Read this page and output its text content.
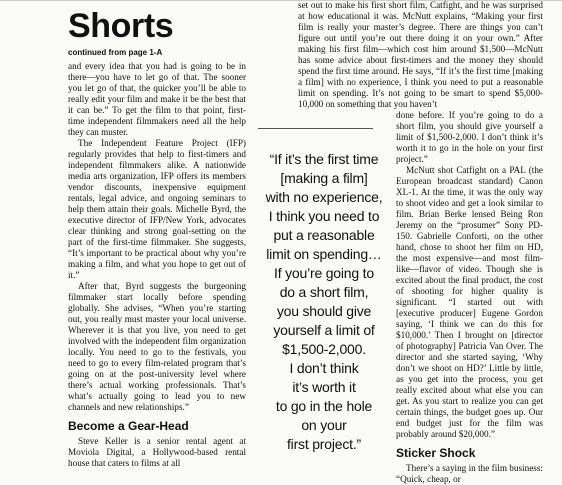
Shorts
continued from page 1-A

and every idea that you had is going to be in there—you have to let go of that. The sooner you let go of that, the quicker you’ll be able to really edit your film and make it be the best that it can be.” To get the film to that point, first-time independent filmmakers need all the help they can muster.

The Independent Feature Project (IFP) regularly provides that help to first-timers and independent filmmakers alike. A nationwide media arts organization, IFP offers its members vendor discounts, inexpensive equipment rentals, legal advice, and ongoing seminars to help them attain their goals. Michelle Byrd, the executive director of IFP/New York, advocates clear thinking and strong goal-setting on the part of the first-time filmmaker. She suggests, “It’s important to be practical about why you’re making a film, and what you hope to get out of it.”

After that, Byrd suggests the burgeoning filmmaker start locally before spending globally. She advises, “When you’re starting out, you really must master your local universe. Wherever it is that you live, you need to get involved with the independent film organization locally. You need to go to the festivals, you need to go to every film-related program that’s going on at the post-university level where there’s actual working professionals. That’s what’s actually going to lead you to new channels and new relationships.”

Become a Gear-Head

Steve Keller is a senior rental agent at Moviola Digital, a Hollywood-based rental house that caters to films at all

“If it’s the first time
[making a film]
with no experience,
I think you need to
put a reasonable
limit on spending…
If you’re going to
do a short film,
you should give
yourself a limit of
$1,500-2,000.
I don’t think
it’s worth it
to go in the hole
on your
first project.”

set out to make his first short film, Catfight, and he was surprised at how educational it was. McNutt explains, “Making your first film is really your master’s degree. There are things you can’t figure out until you’re out there doing it on your own.” After making his first film—which cost him around $1,500—McNutt has some advice about first-timers and the money they should spend the first time around. He says, “If it’s the first time [making a film] with no experience, I think you need to put a reasonable limit on spending. It’s not going to be smart to spend $5,000-10,000 on something that you haven’t

done before. If you’re going to do a short film, you should give yourself a limit of $1,500-2,000. I don’t think it’s worth it to go in the hole on your first project.”

McNutt shot Catfight on a PAL (the European broadcast standard) Canon XL-1. At the time, it was the only way to shoot video and get a look similar to film. Brian Berke lensed Being Ron Jeremy on the “prosumer” Sony PD-150. Gabrielle Conforti, on the other hand, chose to shoot her film on HD, the most expensive—and most film-like—flavor of video. Though she is excited about the final product, the cost of shooting for higher quality is significant. “I started out with [executive producer] Eugene Gordon saying, ‘I think we can do this for $10,000.’ Then I brought on [director of photography] Patricia Van Over. The director and she started saying, ‘Why don’t we shoot on HD?’ Little by little, as you get into the process, you get really excited about what else you can get. As you start to realize you can get certain things, the budget goes up. Our end budget just for the film was probably around $20,000.”

Sticker Shock

There’s a saying in the film business: “Quick, cheap, or
